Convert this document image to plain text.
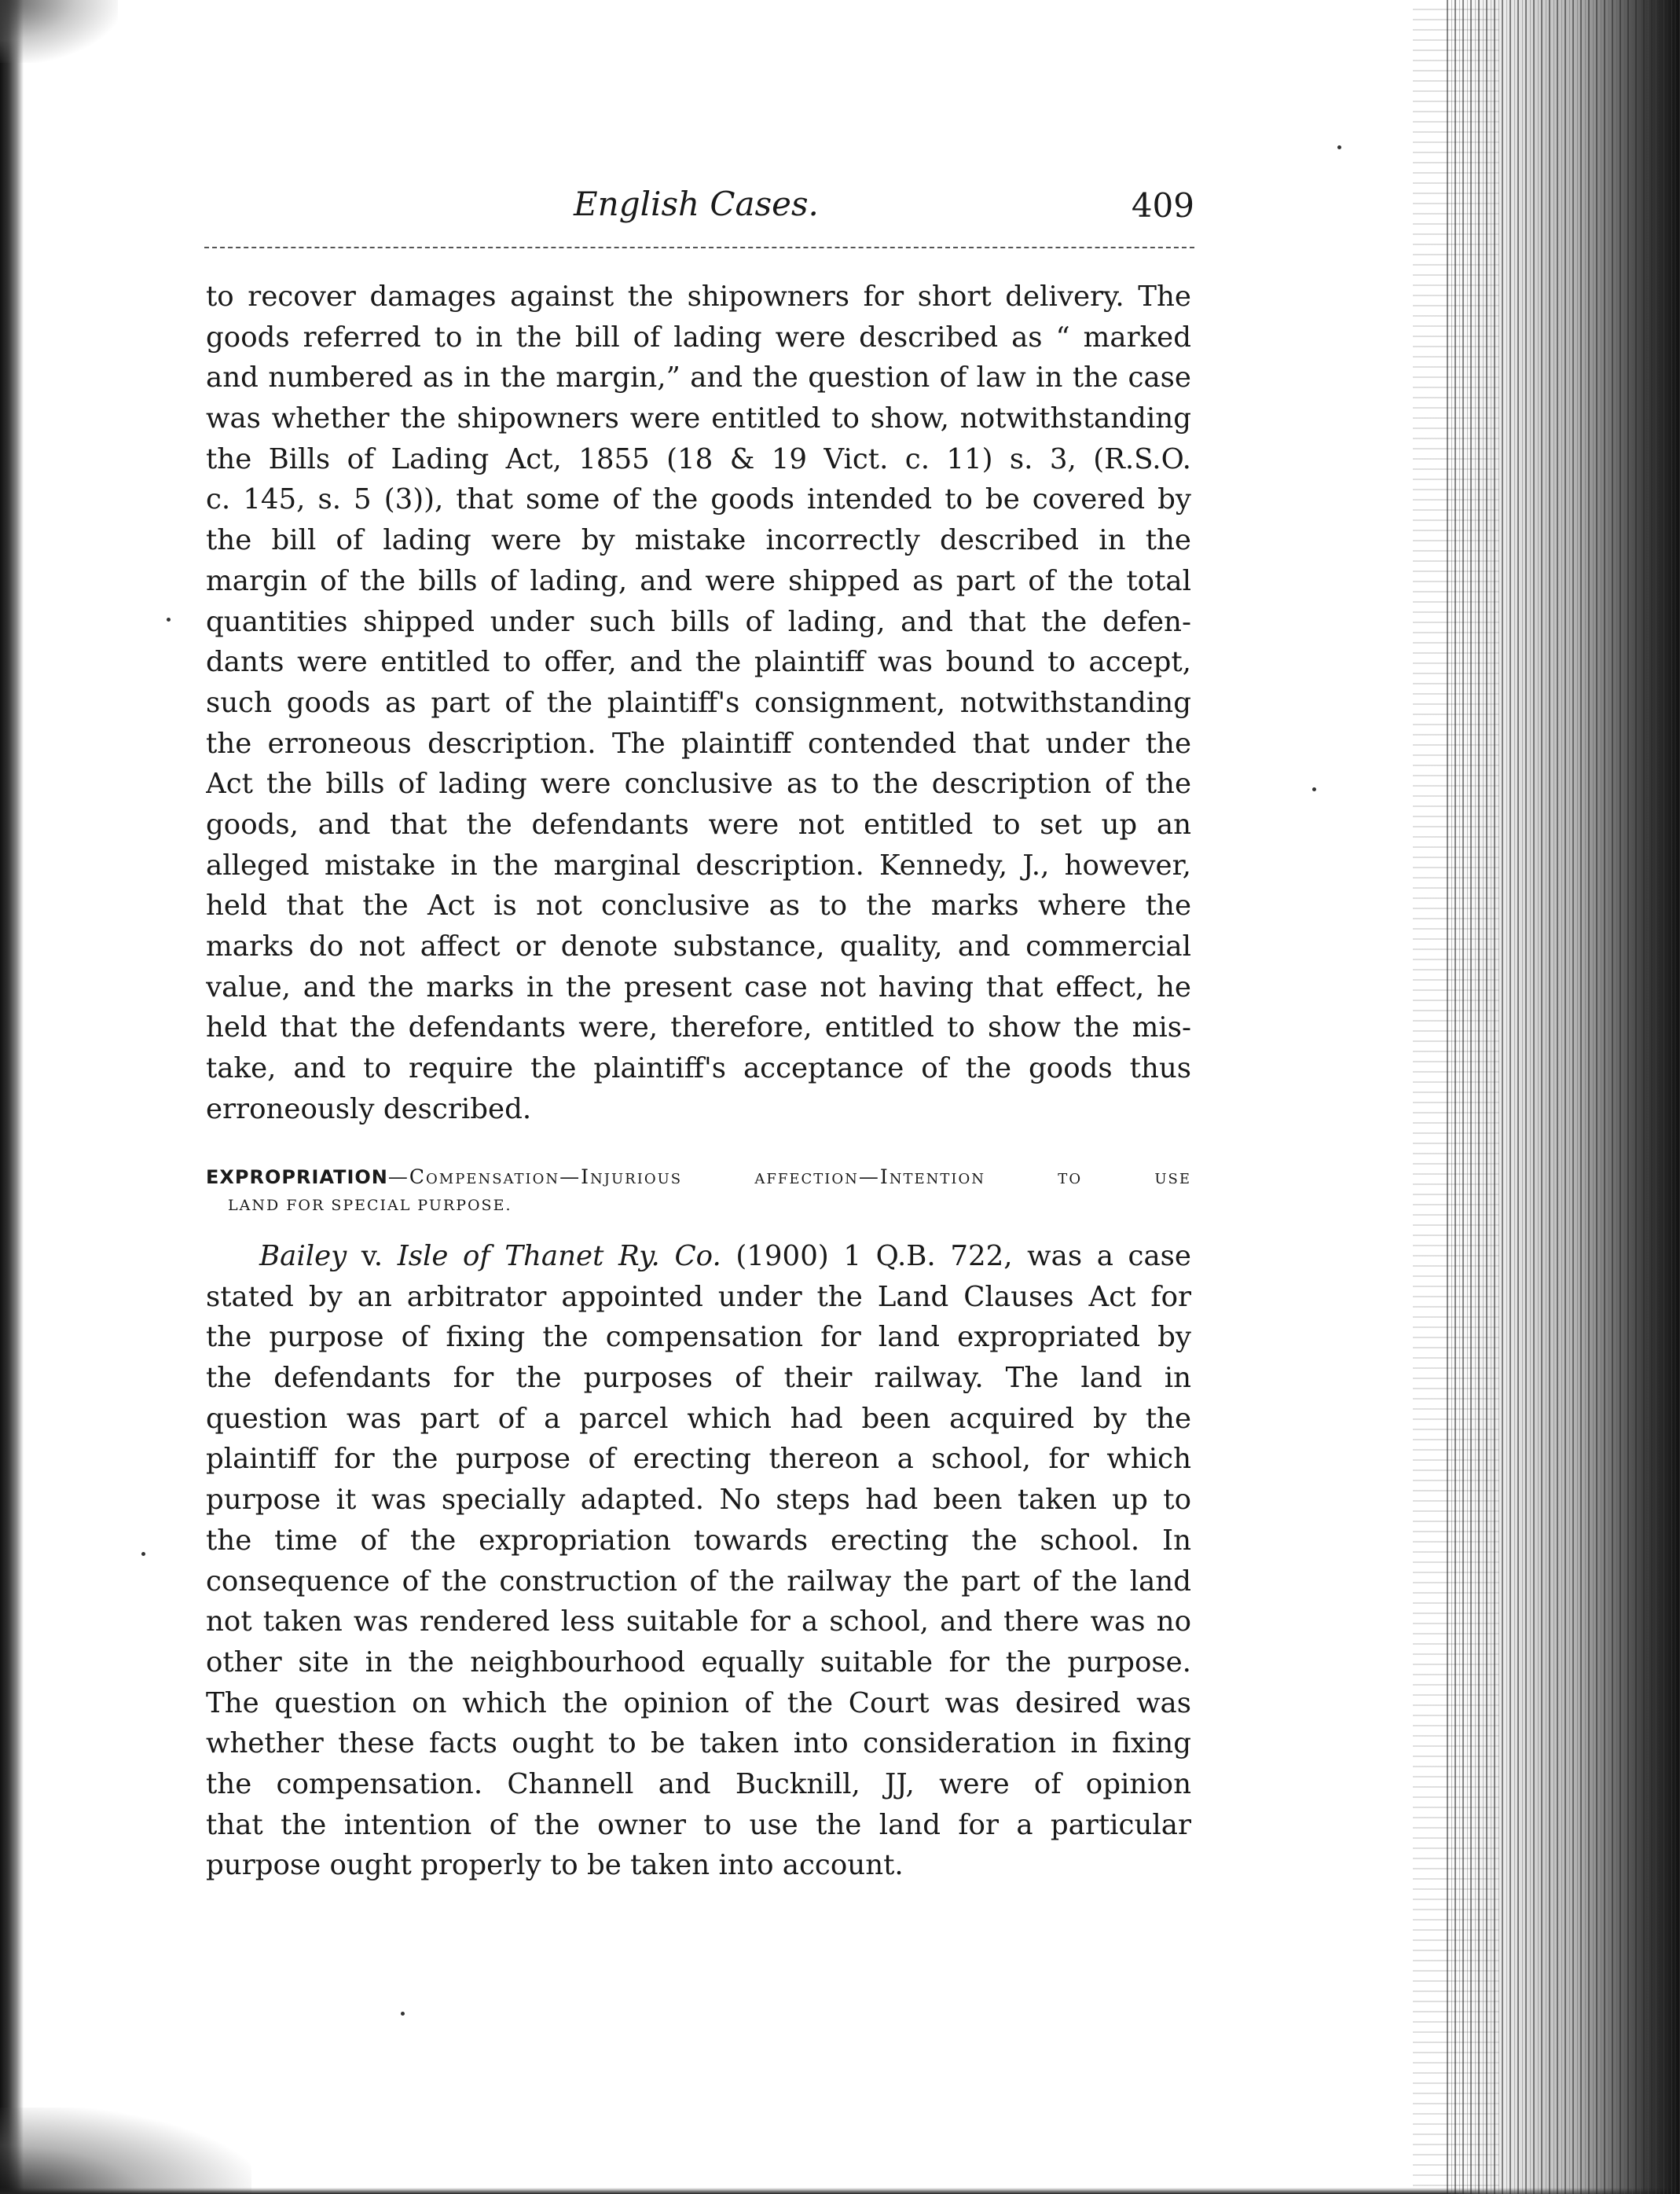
English Cases.	409
to recover damages against the shipowners for short delivery. The
goods referred to in the bill of lading were described as “ marked
and numbered as in the margin,” and the question of law in the case
was whether the shipowners were entitled to show, notwithstanding
the Bills of Lading Act, 1855 (18 & 19 Vict. c. 11) s. 3, (R.S.O.
c. 145, s. 5 (3)), that some of the goods intended to be covered by
the bill of lading were by mistake incorrectly described in the
margin of the bills of lading, and were shipped as part of the total
quantities shipped under such bills of lading, and that the defen-
dants were entitled to offer, and the plaintiff was bound to accept,
such goods as part of the plaintiff's consignment, notwithstanding
the erroneous description. The plaintiff contended that under the
Act the bills of lading were conclusive as to the description of the
goods, and that the defendants were not entitled to set up an
alleged mistake in the marginal description. Kennedy, J., however,
held that the Act is not conclusive as to the marks where the
marks do not affect or denote substance, quality, and commercial
value, and the marks in the present case not having that effect, he
held that the defendants were, therefore, entitled to show the mis-
take, and to require the plaintiff's acceptance of the goods thus
erroneously described.
EXPROPRIATION—Compensation—Injurious affection—Intention to use
LAND FOR SPECIAL PURPOSE.
Bailey v. Isle of Thanet Ry. Co. (1900) 1 Q.B. 722, was a case
stated by an arbitrator appointed under the Land Clauses Act for
the purpose of fixing the compensation for land expropriated by
the defendants for the purposes of their railway. The land in
question was part of a parcel which had been acquired by the
plaintiff for the purpose of erecting thereon a school, for which
purpose it was specially adapted. No steps had been taken up to
the time of the expropriation towards erecting the school. In
consequence of the construction of the railway the part of the land
not taken was rendered less suitable for a school, and there was no
other site in the neighbourhood equally suitable for the purpose.
The question on which the opinion of the Court was desired was
whether these facts ought to be taken into consideration in fixing
the compensation. Channell and Bucknill, JJ, were of opinion
that the intention of the owner to use the land for a particular
purpose ought properly to be taken into account.
